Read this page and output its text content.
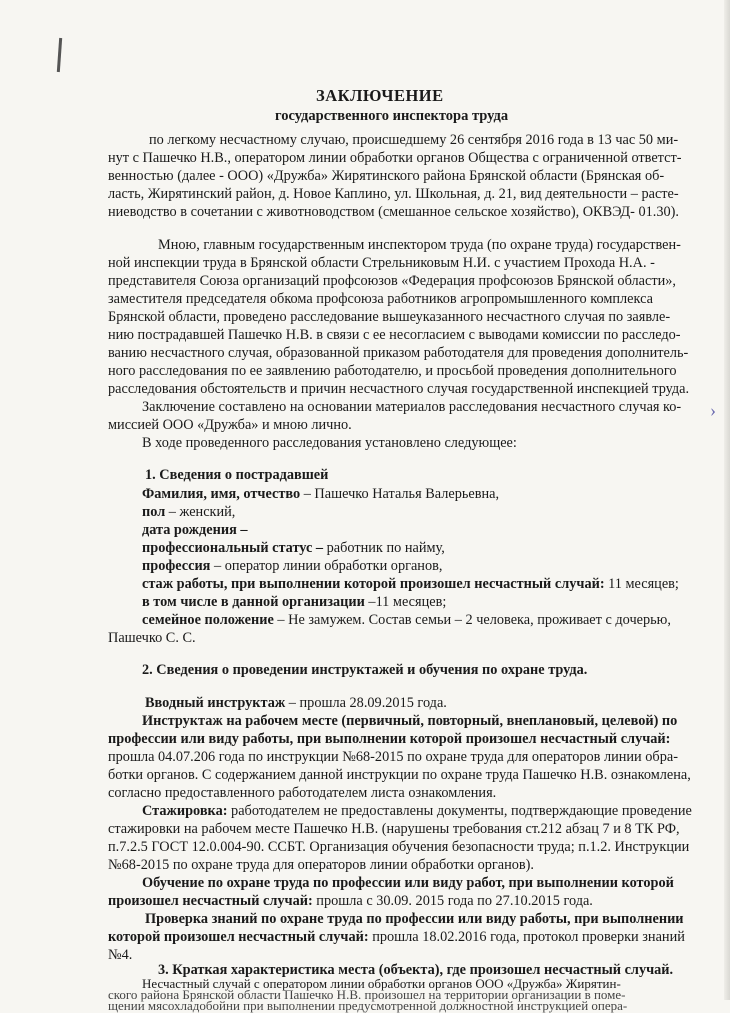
›
ЗАКЛЮЧЕНИЕ
государственного инспектора труда
по легкому несчастному случаю, происшедшему 26 сентября 2016 года в 13 час 50 ми-
нут с Пашечко Н.В., оператором линии обработки органов Общества с ограниченной ответст-
венностью (далее - ООО) «Дружба» Жирятинского района Брянской области (Брянская об-
ласть, Жирятинский район, д. Новое Каплино, ул. Школьная, д. 21, вид деятельности – расте-
ниеводство в сочетании с животноводством (смешанное сельское хозяйство), ОКВЭД- 01.30).
Мною, главным государственным инспектором труда (по охране труда) государствен-
ной инспекции труда в Брянской области Стрельниковым Н.И. с участием Прохода Н.А. -
представителя Союза организаций профсоюзов «Федерация профсоюзов Брянской области»,
заместителя председателя обкома профсоюза работников агропромышленного комплекса
Брянской области, проведено расследование вышеуказанного несчастного случая по заявле-
нию пострадавшей Пашечко Н.В. в связи с ее несогласием с выводами комиссии по расследо-
ванию несчастного случая, образованной приказом работодателя для проведения дополнитель-
ного расследования по ее заявлению работодателю, и просьбой проведения дополнительного
расследования обстоятельств и причин несчастного случая государственной инспекцией труда.
Заключение составлено на основании материалов расследования несчастного случая ко-
миссией ООО «Дружба» и мною лично.
В ходе проведенного расследования установлено следующее:
1. Сведения о пострадавшей
Фамилия, имя, отчество – Пашечко Наталья Валерьевна,
пол – женский,
дата рождения –
профессиональный статус – работник по найму,
профессия – оператор линии обработки органов,
стаж работы, при выполнении которой произошел несчастный случай: 11 месяцев;
в том числе в данной организации –11 месяцев;
семейное положение – Не замужем. Состав семьи – 2 человека, проживает с дочерью,
Пашечко С. С.
2. Сведения о проведении инструктажей и обучения по охране труда.
Вводный инструктаж – прошла 28.09.2015 года.
Инструктаж на рабочем месте (первичный, повторный, внеплановый, целевой) по
профессии или виду работы, при выполнении которой произошел несчастный случай:
прошла 04.07.206 года по инструкции №68-2015 по охране труда для операторов линии обра-
ботки органов. С содержанием данной инструкции по охране труда Пашечко Н.В. ознакомлена,
согласно предоставленного работодателем листа ознакомления.
Стажировка: работодателем не предоставлены документы, подтверждающие проведение
стажировки на рабочем месте Пашечко Н.В. (нарушены требования ст.212 абзац 7 и 8 ТК РФ,
п.7.2.5 ГОСТ 12.0.004-90. ССБТ. Организация обучения безопасности труда; п.1.2. Инструкции
№68-2015 по охране труда для операторов линии обработки органов).
Обучение по охране труда по профессии или виду работ, при выполнении которой
произошел несчастный случай: прошла с 30.09. 2015 года по 27.10.2015 года.
Проверка знаний по охране труда по профессии или виду работы, при выполнении
которой произошел несчастный случай: прошла 18.02.2016 года, протокол проверки знаний
№4.
3. Краткая характеристика места (объекта), где произошел несчастный случай.
Несчастный случай с оператором линии обработки органов ООО «Дружба» Жирятин-
ского района Брянской области Пашечко Н.В. произошел на территории организации в поме-
щении мясохладобойни при выполнении предусмотренной должностной инструкцией опера-
